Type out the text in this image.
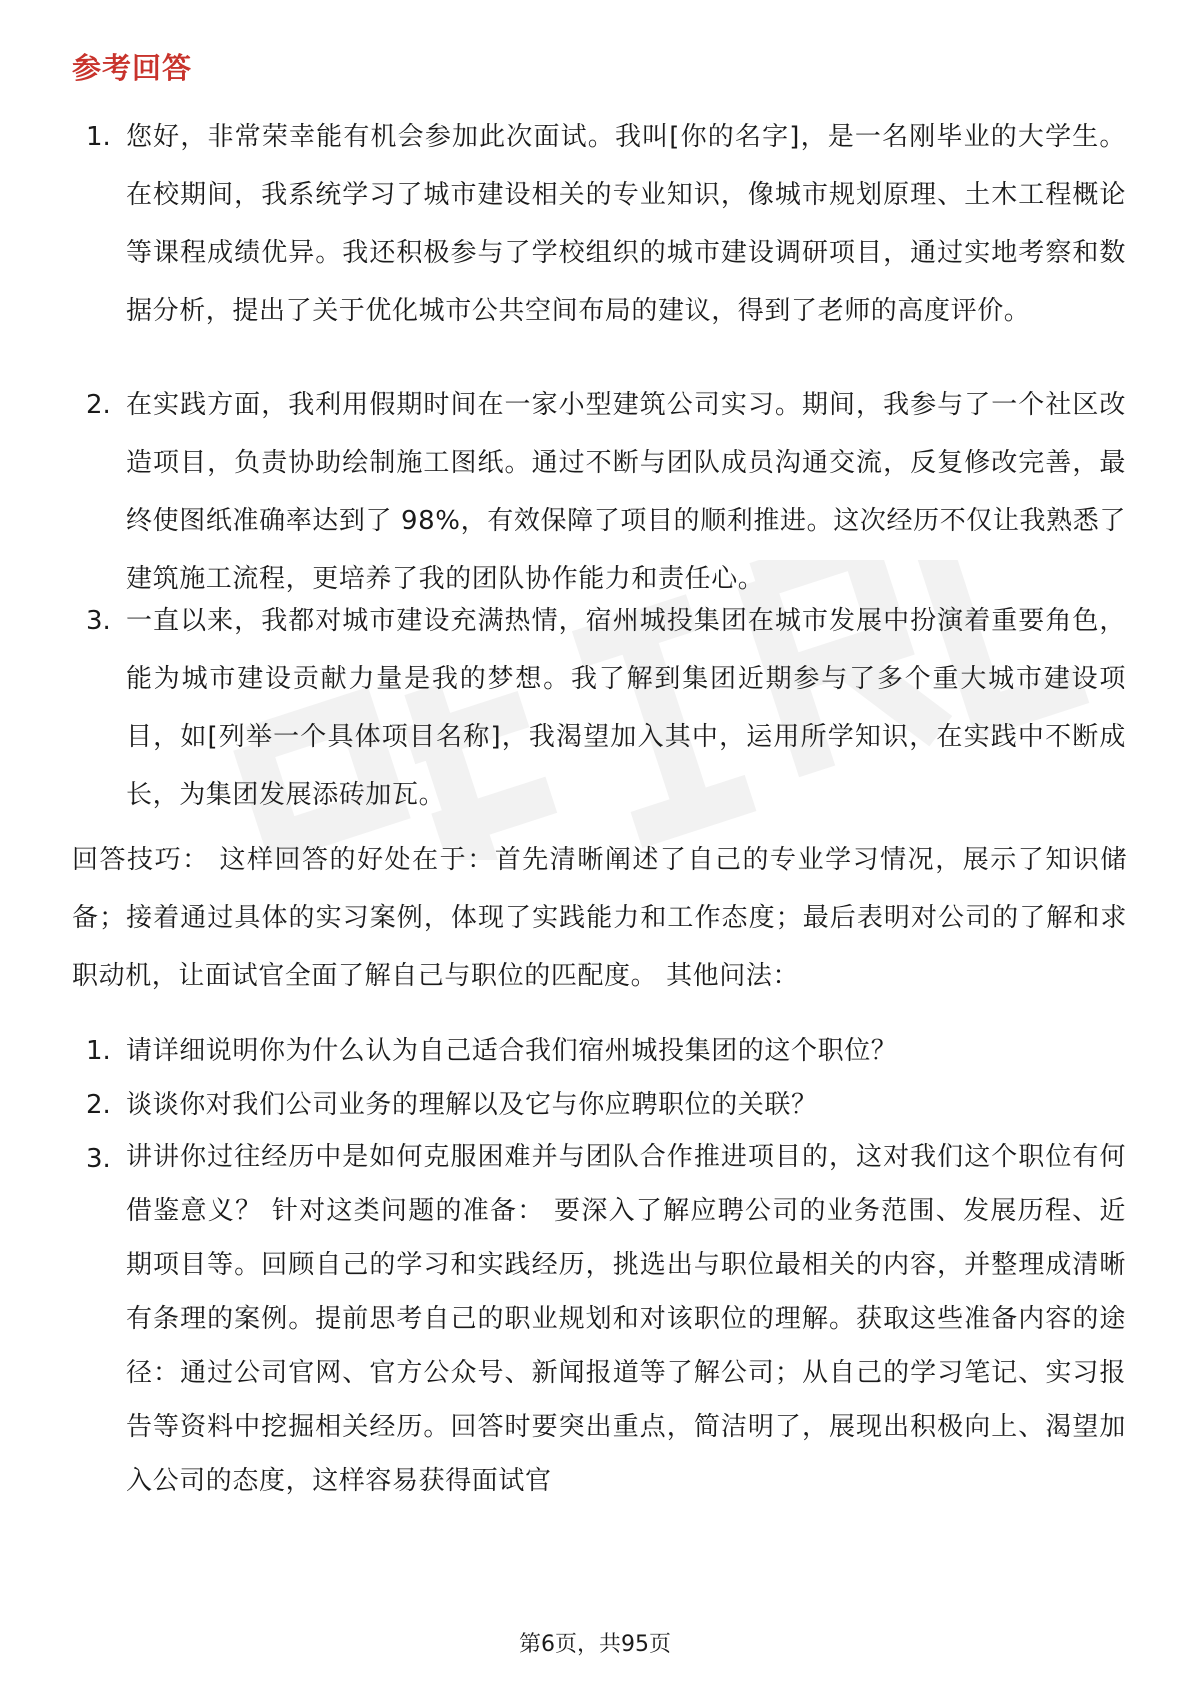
参考回答
1. 您好，非常荣幸能有机会参加此次面试。我叫[你的名字]，是一名刚毕业的大学生。在校期间，我系统学习了城市建设相关的专业知识，像城市规划原理、土木工程概论等课程成绩优异。我还积极参与了学校组织的城市建设调研项目，通过实地考察和数据分析，提出了关于优化城市公共空间布局的建议，得到了老师的高度评价。

2. 在实践方面，我利用假期时间在一家小型建筑公司实习。期间，我参与了一个社区改造项目，负责协助绘制施工图纸。通过不断与团队成员沟通交流，反复修改完善，最终使图纸准确率达到了 98%，有效保障了项目的顺利推进。这次经历不仅让我熟悉了建筑施工流程，更培养了我的团队协作能力和责任心。

3. 一直以来，我都对城市建设充满热情，宿州城投集团在城市发展中扮演着重要角色，能为城市建设贡献力量是我的梦想。我了解到集团近期参与了多个重大城市建设项目，如[列举一个具体项目名称]，我渴望加入其中，运用所学知识，在实践中不断成长，为集团发展添砖加瓦。

回答技巧： 这样回答的好处在于：首先清晰阐述了自己的专业学习情况，展示了知识储备；接着通过具体的实习案例，体现了实践能力和工作态度；最后表明对公司的了解和求职动机，让面试官全面了解自己与职位的匹配度。 其他问法：

1. 请详细说明你为什么认为自己适合我们宿州城投集团的这个职位？

2. 谈谈你对我们公司业务的理解以及它与你应聘职位的关联？

3. 讲讲你过往经历中是如何克服困难并与团队合作推进项目的，这对我们这个职位有何借鉴意义？ 针对这类问题的准备： 要深入了解应聘公司的业务范围、发展历程、近期项目等。回顾自己的学习和实践经历，挑选出与职位最相关的内容，并整理成清晰有条理的案例。提前思考自己的职业规划和对该职位的理解。获取这些准备内容的途径：通过公司官网、官方公众号、新闻报道等了解公司；从自己的学习笔记、实习报告等资料中挖掘相关经历。回答时要突出重点，简洁明了，展现出积极向上、渴望加入公司的态度，这样容易获得面试官

第6页，共95页
